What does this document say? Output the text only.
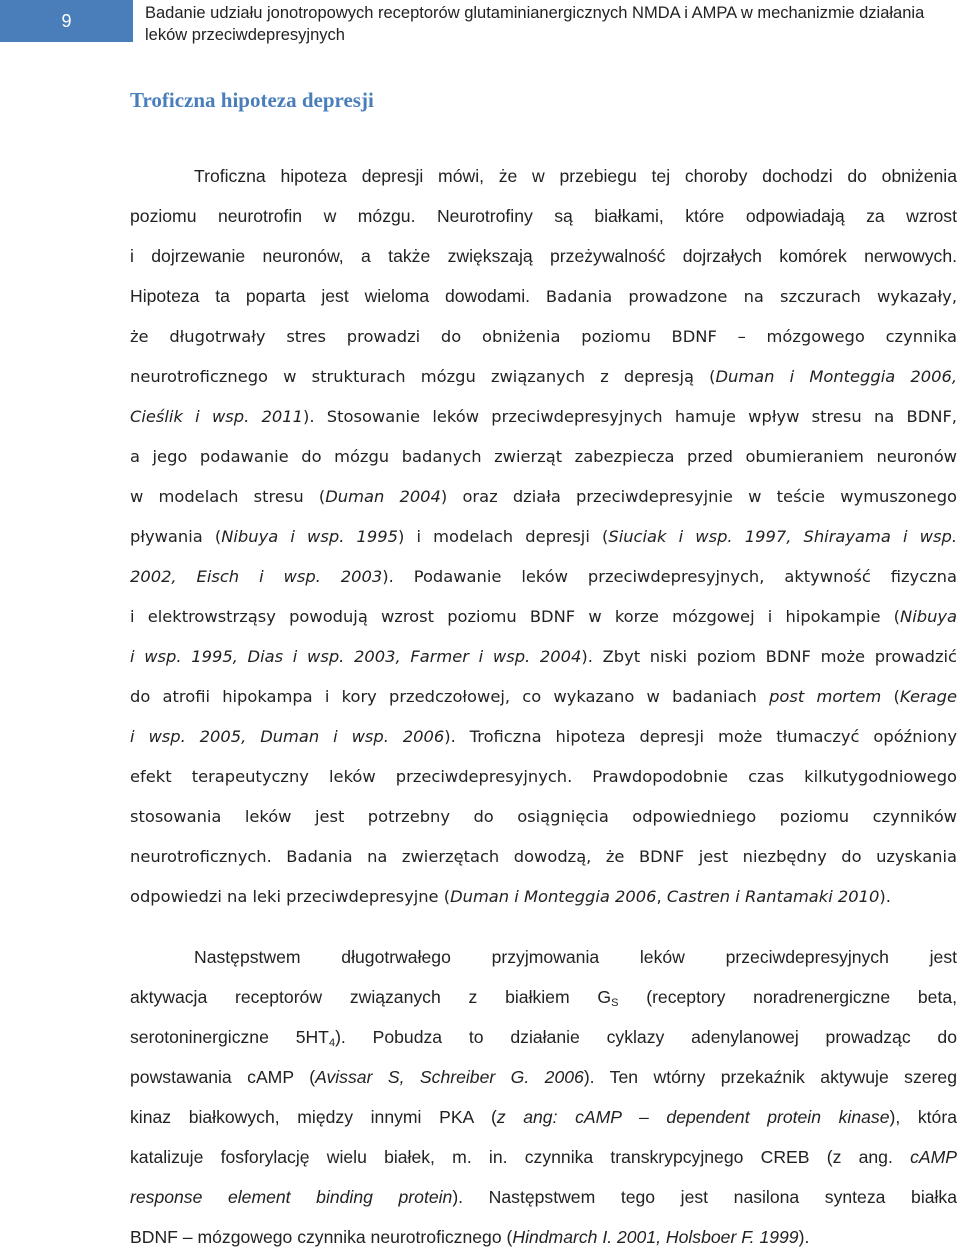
9	Badanie udziału jonotropowych receptorów glutaminianergicznych NMDA i AMPA w mechanizmie działania leków przeciwdepresyjnych
Troficzna hipoteza depresji
Troficzna hipoteza depresji mówi, że w przebiegu tej choroby dochodzi do obniżenia
poziomu neurotrofin w mózgu. Neurotrofiny są białkami, które odpowiadają za wzrost
i dojrzewanie neuronów, a także zwiększają przeżywalność dojrzałych komórek nerwowych.
Hipoteza ta poparta jest wieloma dowodami. Badania prowadzone na szczurach wykazały,
że długotrwały stres prowadzi do obniżenia poziomu BDNF – mózgowego czynnika
neurotroficznego w strukturach mózgu związanych z depresją (Duman i Monteggia 2006,
Cieślik i wsp. 2011). Stosowanie leków przeciwdepresyjnych hamuje wpływ stresu na BDNF,
a jego podawanie do mózgu badanych zwierząt zabezpiecza przed obumieraniem neuronów
w modelach stresu (Duman 2004) oraz działa przeciwdepresyjnie w teście wymuszonego
pływania (Nibuya i wsp. 1995) i modelach depresji (Siuciak i wsp. 1997, Shirayama i wsp.
2002, Eisch i wsp. 2003). Podawanie leków przeciwdepresyjnych, aktywność fizyczna
i elektrowstrząsy powodują wzrost poziomu BDNF w korze mózgowej i hipokampie (Nibuya
i wsp. 1995, Dias i wsp. 2003, Farmer i wsp. 2004). Zbyt niski poziom BDNF może prowadzić
do atrofii hipokampa i kory przedczołowej, co wykazano w badaniach post mortem (Kerage
i wsp. 2005, Duman i wsp. 2006). Troficzna hipoteza depresji może tłumaczyć opóźniony
efekt terapeutyczny leków przeciwdepresyjnych. Prawdopodobnie czas kilkutygodniowego
stosowania leków jest potrzebny do osiągnięcia odpowiedniego poziomu czynników
neurotroficznych. Badania na zwierzętach dowodzą, że BDNF jest niezbędny do uzyskania
odpowiedzi na leki przeciwdepresyjne (Duman i Monteggia 2006, Castren i Rantamaki 2010).
Następstwem długotrwałego przyjmowania leków przeciwdepresyjnych jest
aktywacja receptorów związanych z białkiem $G_S$ (receptory noradrenergiczne beta,
serotoninergiczne $5HT_4$). Pobudza to działanie cyklazy adenylanowej prowadząc do
powstawania cAMP (Avissar S, Schreiber G. 2006). Ten wtórny przekaźnik aktywuje szereg
kinaz białkowych, między innymi PKA (z ang: cAMP – dependent protein kinase), która
katalizuje fosforylację wielu białek, m. in. czynnika transkrypcyjnego CREB (z ang. cAMP
response element binding protein). Następstwem tego jest nasilona synteza białka
BDNF – mózgowego czynnika neurotroficznego (Hindmarch I. 2001, Holsboer F. 1999).
